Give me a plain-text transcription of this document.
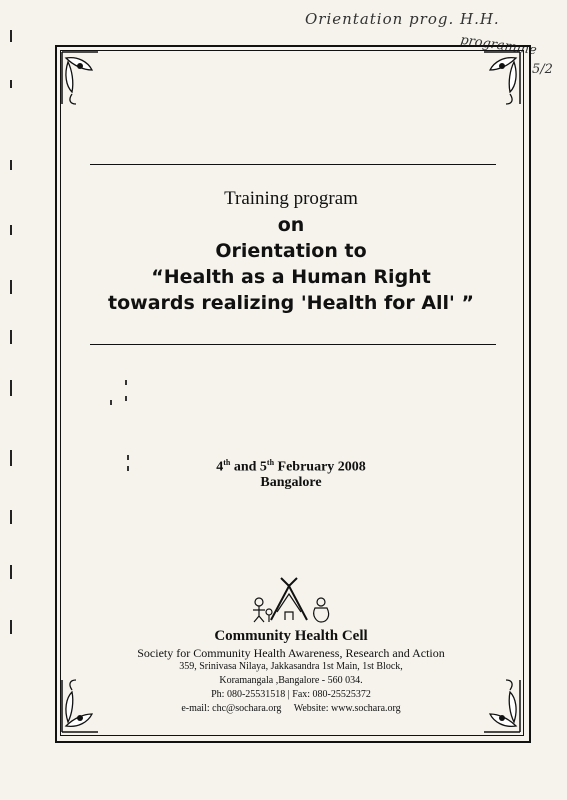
Orientation prog. H.H.
programme
5/2
Training program
on
Orientation to
“Health as a Human Right
towards realizing 'Health for All' ”
4th and 5th February 2008
Bangalore
Community Health Cell
Society for Community Health Awareness, Research and Action
359, Srinivasa Nilaya, Jakkasandra 1st Main, 1st Block,
Koramangala ,Bangalore - 560 034.
Ph: 080-25531518 | Fax: 080-25525372
e-mail: chc@sochara.org     Website: www.sochara.org
